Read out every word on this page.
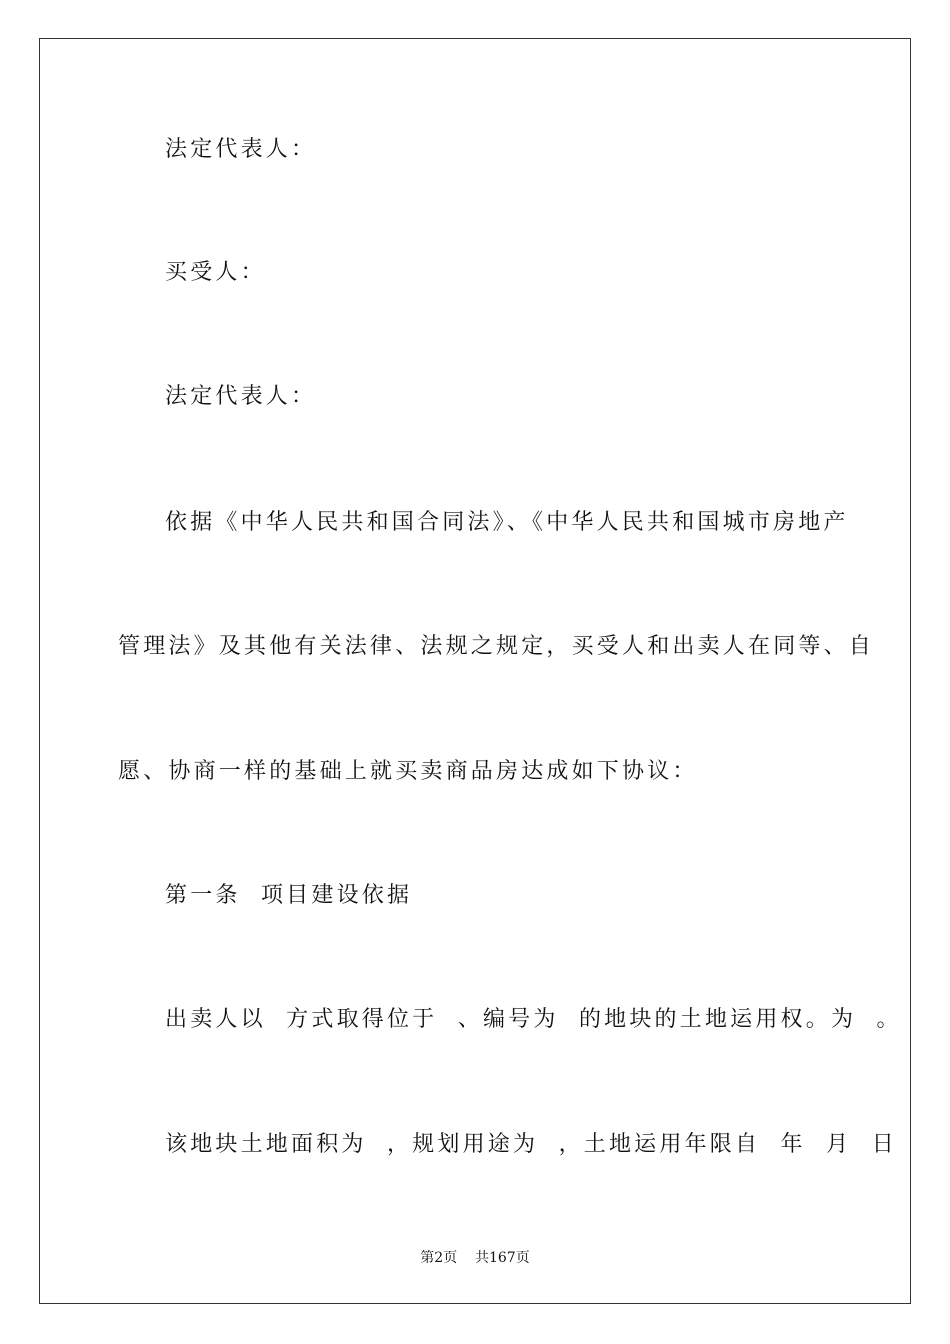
法定代表人：
买受人：
法定代表人：
依据《中华人民共和国合同法》、《中华人民共和国城市房地产
管理法》及其他有关法律、法规之规定，买受人和出卖人在同等、自
愿、协商一样的基础上就买卖商品房达成如下协议：
第一条  项目建设依据
出卖人以  方式取得位于  、编号为  的地块的土地运用权。为  。
该地块土地面积为  ，规划用途为  ，土地运用年限自  年  月  日
第2页    共167页
